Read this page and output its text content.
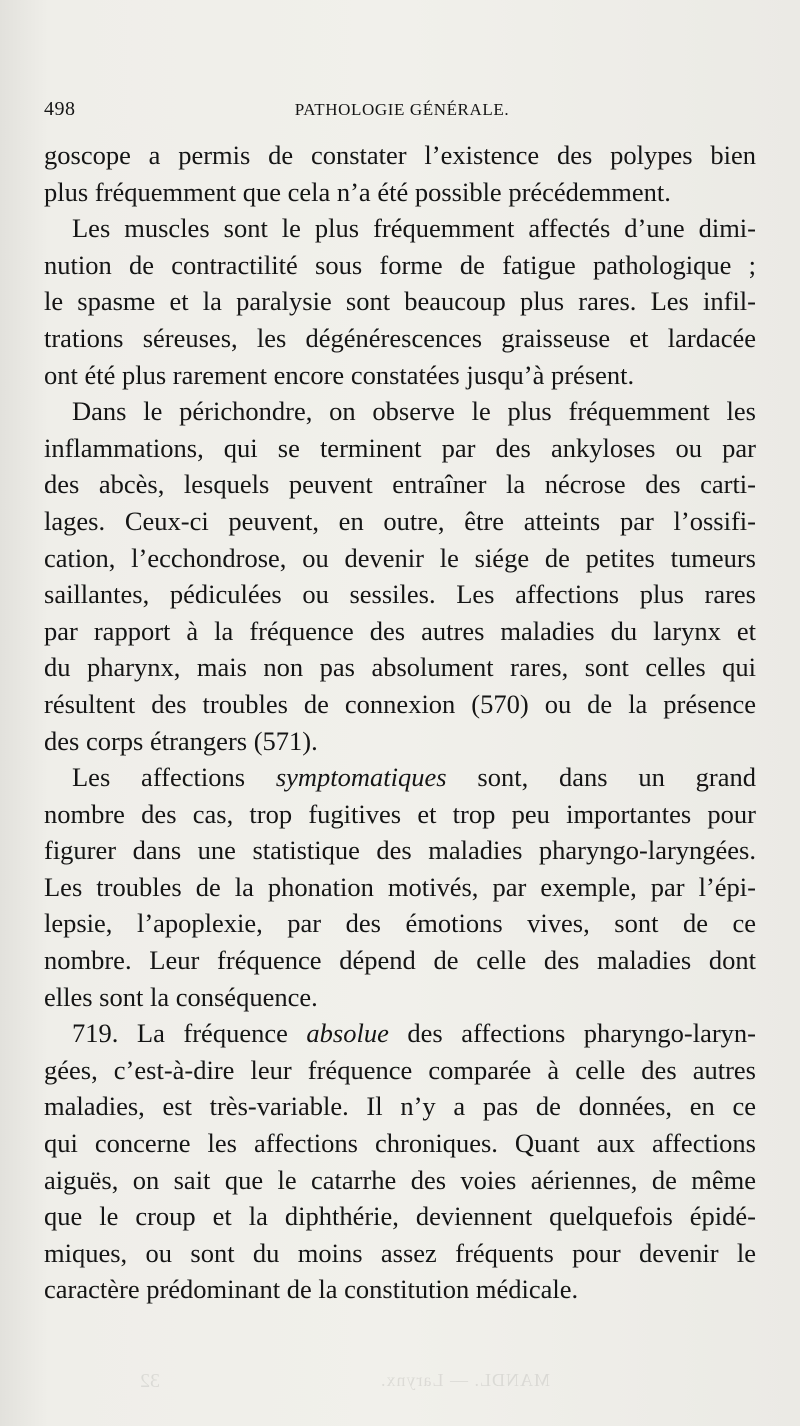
MANDL. — Larynx.
32
498	PATHOLOGIE GÉNÉRALE.
goscope a permis de constater l’existence des polypes bien
plus fréquemment que cela n’a été possible précédemment.
Les muscles sont le plus fréquemment affectés d’une dimi-
nution de contractilité sous forme de fatigue pathologique ;
le spasme et la paralysie sont beaucoup plus rares. Les infil-
trations séreuses, les dégénérescences graisseuse et lardacée
ont été plus rarement encore constatées jusqu’à présent.
Dans le périchondre, on observe le plus fréquemment les
inflammations, qui se terminent par des ankyloses ou par
des abcès, lesquels peuvent entraîner la nécrose des carti-
lages. Ceux-ci peuvent, en outre, être atteints par l’ossifi-
cation, l’ecchondrose, ou devenir le siége de petites tumeurs
saillantes, pédiculées ou sessiles. Les affections plus rares
par rapport à la fréquence des autres maladies du larynx et
du pharynx, mais non pas absolument rares, sont celles qui
résultent des troubles de connexion (570) ou de la présence
des corps étrangers (571).
Les affections symptomatiques sont, dans un grand
nombre des cas, trop fugitives et trop peu importantes pour
figurer dans une statistique des maladies pharyngo-laryngées.
Les troubles de la phonation motivés, par exemple, par l’épi-
lepsie, l’apoplexie, par des émotions vives, sont de ce
nombre. Leur fréquence dépend de celle des maladies dont
elles sont la conséquence.
719. La fréquence absolue des affections pharyngo-laryn-
gées, c’est-à-dire leur fréquence comparée à celle des autres
maladies, est très-variable. Il n’y a pas de données, en ce
qui concerne les affections chroniques. Quant aux affections
aiguës, on sait que le catarrhe des voies aériennes, de même
que le croup et la diphthérie, deviennent quelquefois épidé-
miques, ou sont du moins assez fréquents pour devenir le
caractère prédominant de la constitution médicale.
